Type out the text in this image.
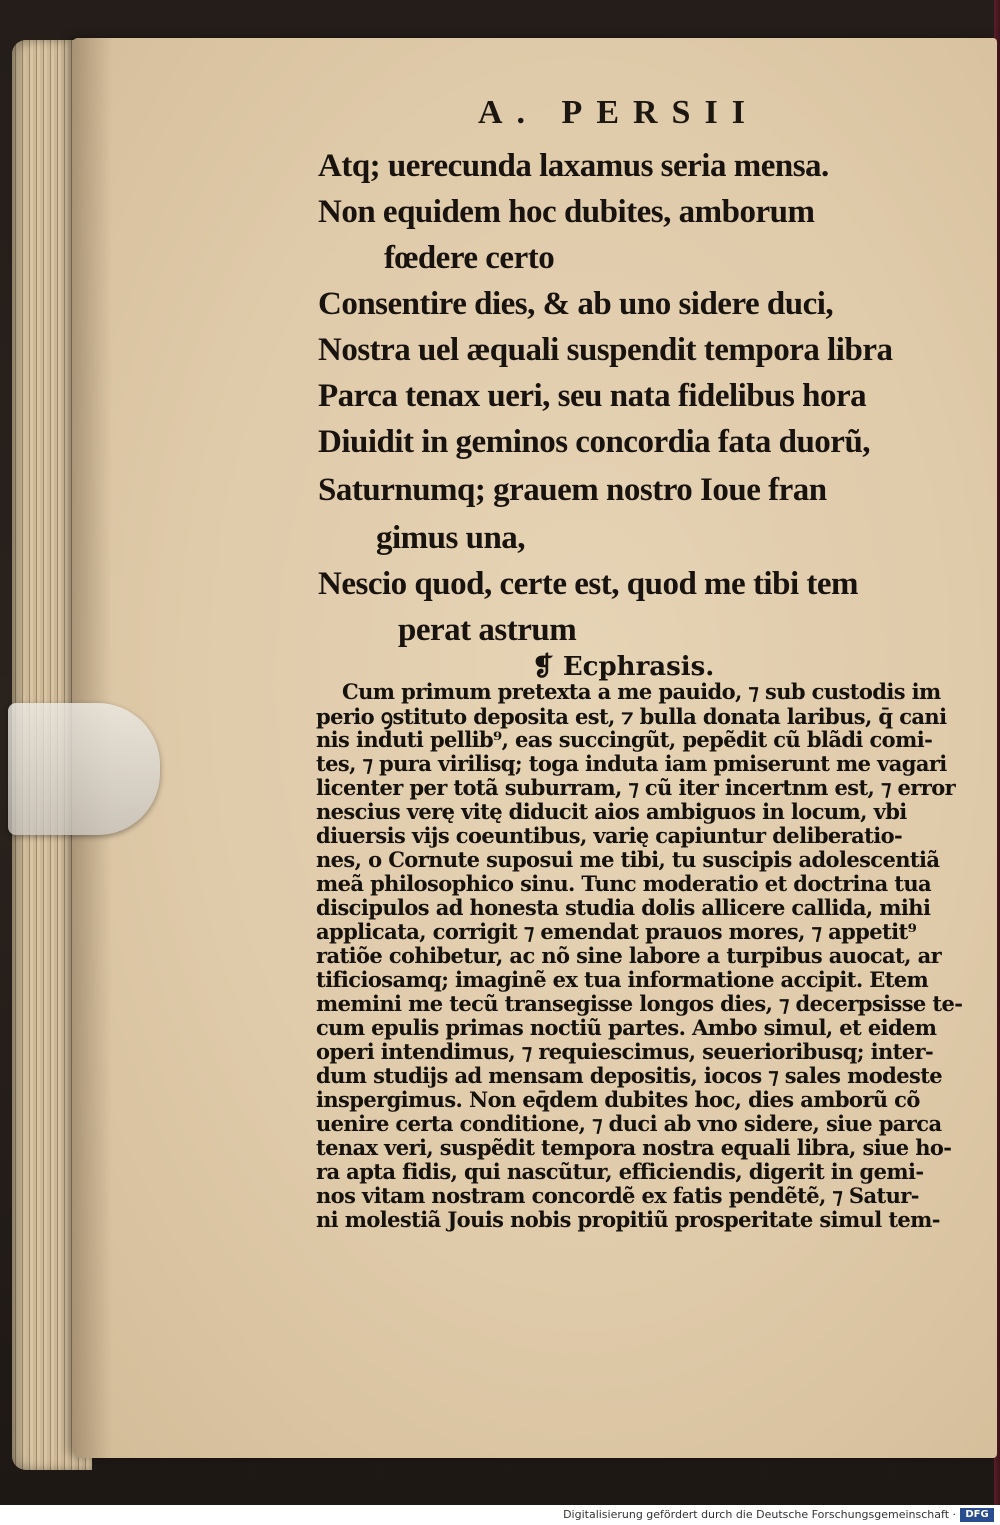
A. PERSII
Atq; uerecunda laxamus seria mensa.
Non equidem hoc dubites, amborum
fœdere certo
Consentire dies, & ab uno sidere duci,
Nostra uel æquali suspendit tempora libra
Parca tenax ueri, seu nata fidelibus hora
Diuidit in geminos concordia fata duorũ,
Saturnumq; grauem nostro Ioue fran
gimus una,
Nescio quod, certe est, quod me tibi tem
perat astrum
❡ Ecphrasis.
Cum primum pretexta a me pauido, ⁊ sub custodis im
perio ꝯstituto deposita est, ⁊ bulla donata laribus, q̄ cani
nis induti pellib⁹, eas succingũt, pepẽdit cũ blãdi comi-
tes, ⁊ pura virilisq; toga induta iam pmiserunt me vagari
licenter per totã suburram, ⁊ cũ iter incertnm est, ⁊ error
nescius verę vitę diducit aios ambiguos in locum, vbi
diuersis vijs coeuntibus, varię capiuntur deliberatio-
nes, o Cornute suposui me tibi, tu suscipis adolescentiã
meã philosophico sinu. Tunc moderatio et doctrina tua
discipulos ad honesta studia dolis allicere callida, mihi
applicata, corrigit ⁊ emendat prauos mores, ⁊ appetit⁹
ratiõe cohibetur, ac nõ sine labore a turpibus auocat, ar
tificiosamq; imaginẽ ex tua informatione accipit. Etem
memini me tecũ transegisse longos dies, ⁊ decerpsisse te-
cum epulis primas noctiũ partes. Ambo simul, et eidem
operi intendimus, ⁊ requiescimus, seuerioribusq; inter-
dum studijs ad mensam depositis, iocos ⁊ sales modeste
inspergimus. Non eq̄dem dubites hoc, dies amborũ cõ
uenire certa conditione, ⁊ duci ab vno sidere, siue parca
tenax veri, suspẽdit tempora nostra equali libra, siue ho-
ra apta fidis, qui nascũtur, efficiendis, digerit in gemi-
nos vitam nostram concordẽ ex fatis pendẽtẽ, ⁊ Satur-
ni molestiã Jouis nobis propitiũ prosperitate simul tem-
Digitalisierung gefördert durch die Deutsche Forschungsgemeinschaft · DFG
